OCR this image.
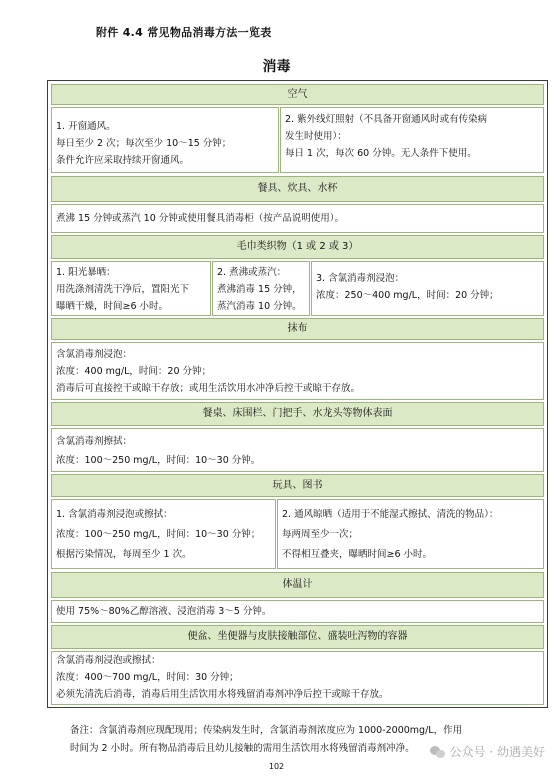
附件 4.4 常见物品消毒方法一览表
消毒
空气

1. 开窗通风。

每日至少 2 次；每次至少 10～15 分钟；

条件允许应采取持续开窗通风。

2. 紫外线灯照射（不具备开窗通风时或有传染病

发生时使用）：

每日 1 次，每次 60 分钟。无人条件下使用。

餐具、炊具、水杯

煮沸 15 分钟或蒸汽 10 分钟或使用餐具消毒柜（按产品说明使用）。

毛巾类织物（1 或 2 或 3）

1. 阳光暴晒：

用洗涤剂清洗干净后，置阳光下

曝晒干燥，时间≥6 小时。

2. 煮沸或蒸汽：

煮沸消毒 15 分钟，

蒸汽消毒 10 分钟。

3. 含氯消毒剂浸泡：

浓度：250～400 mg/L，时间：20 分钟；

抹布

含氯消毒剂浸泡：

浓度：400 mg/L，时间：20 分钟；

消毒后可直接控干或晾干存放；或用生活饮用水冲净后控干或晾干存放。

餐桌、床围栏、门把手、水龙头等物体表面

含氯消毒剂擦拭：

浓度：100～250 mg/L，时间：10～30 分钟。

玩具、图书

1. 含氯消毒剂浸泡或擦拭：

浓度：100～250 mg/L，时间：10～30 分钟；

根据污染情况，每周至少 1 次。

2. 通风晾晒（适用于不能湿式擦拭、清洗的物品）：

每两周至少一次；

不得相互叠夹，曝晒时间≥6 小时。

体温计

使用 75%～80%乙醇溶液、浸泡消毒 3～5 分钟。

便盆、坐便器与皮肤接触部位、盛装吐泻物的容器

含氯消毒剂浸泡或擦拭：

浓度：400～700 mg/L，时间：30 分钟；

必须先清洗后消毒，消毒后用生活饮用水将残留消毒剂冲净后控干或晾干存放。

备注：含氯消毒剂应现配现用；传染病发生时，含氯消毒剂浓度应为 1000-2000mg/L，作用

时间为 2 小时。所有物品消毒后且幼儿接触的需用生活饮用水将残留消毒剂冲净。

102
公众号 · 幼遇美好
